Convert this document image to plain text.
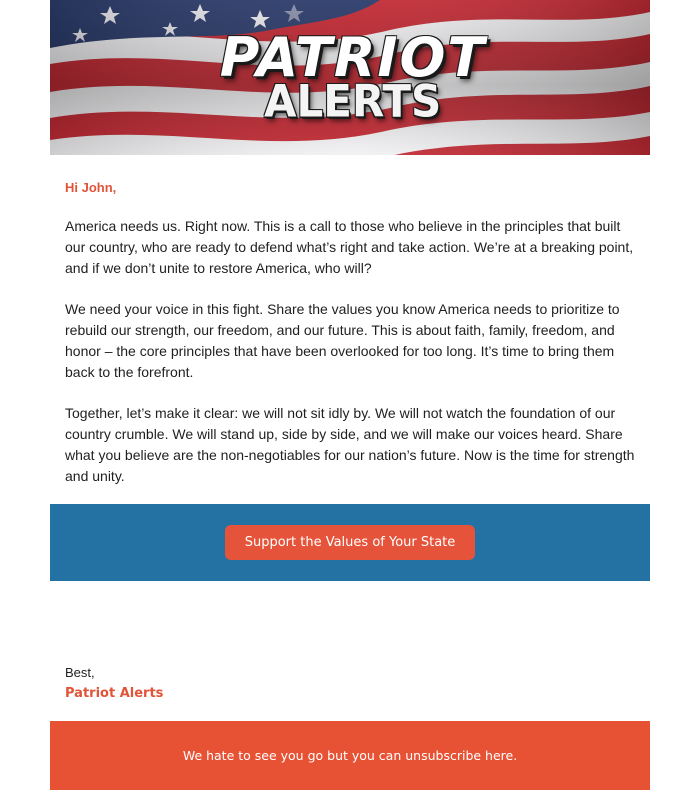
PATRIOT
ALERTS

Hi John,

America needs us. Right now. This is a call to those who believe in the principles that built our country, who are ready to defend what’s right and take action. We’re at a breaking point, and if we don’t unite to restore America, who will?

We need your voice in this fight. Share the values you know America needs to prioritize to rebuild our strength, our freedom, and our future. This is about faith, family, freedom, and honor – the core principles that have been overlooked for too long. It’s time to bring them back to the forefront.

Together, let’s make it clear: we will not sit idly by. We will not watch the foundation of our country crumble. We will stand up, side by side, and we will make our voices heard. Share what you believe are the non-negotiables for our nation’s future. Now is the time for strength and unity.

Support the Values of Your State
Best,
Patriot Alerts
We hate to see you go but you can unsubscribe here.
